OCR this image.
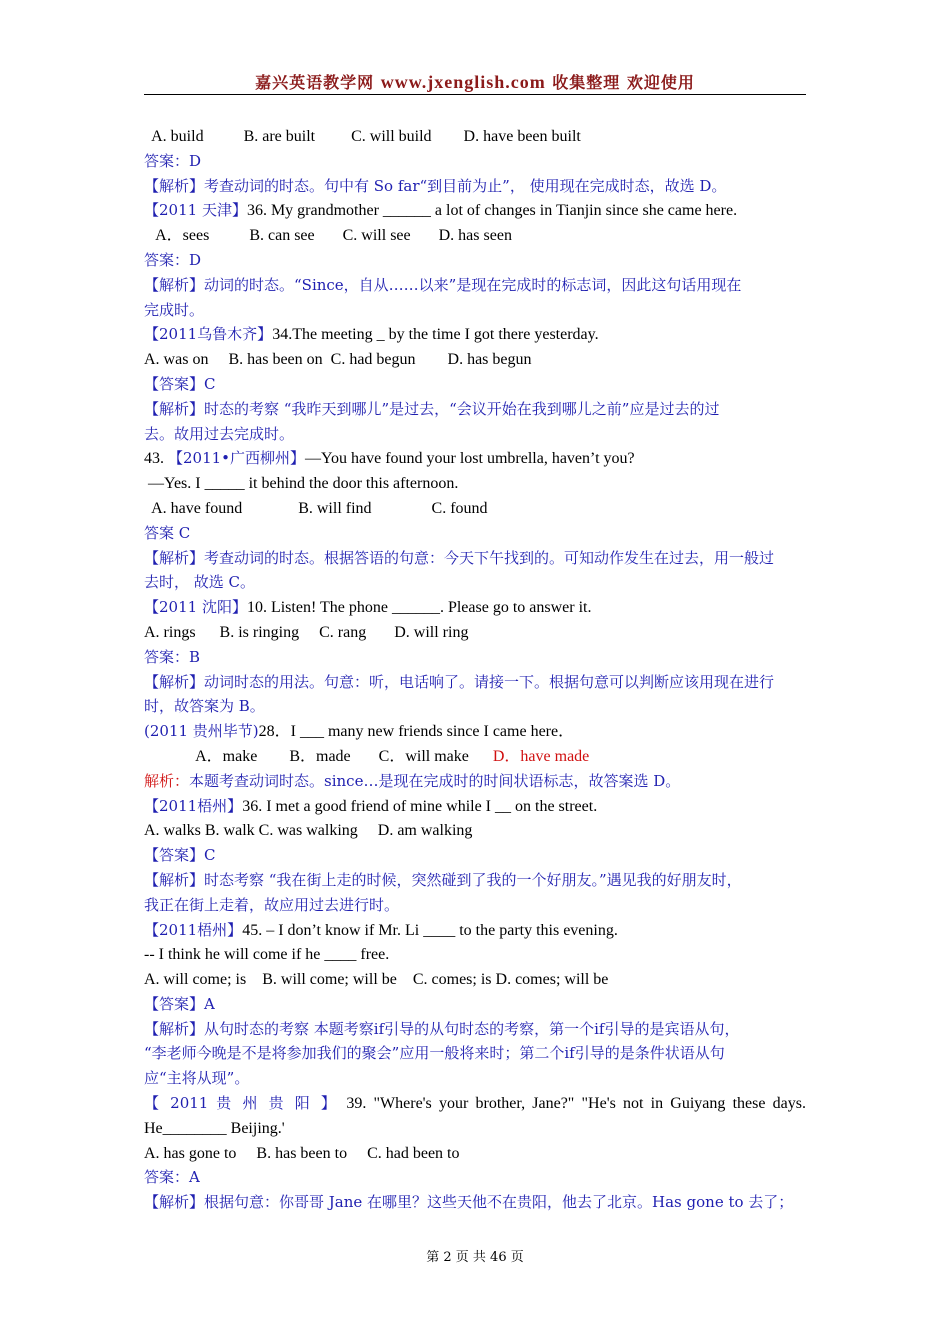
嘉兴英语教学网 www.jxenglish.com 收集整理 欢迎使用
A. build          B. are built         C. will build        D. have been built
答案：D
【解析】考查动词的时态。句中有 So far“到目前为止”， 使用现在完成时态，故选 D。
【2011 天津】36. My grandmother ______ a lot of changes in Tianjin since she came here.
A．sees          B. can see       C. will see       D. has seen
答案：D
【解析】动词的时态。“Since，自从……以来”是现在完成时的标志词，因此这句话用现在
完成时。
【2011乌鲁木齐】34.The meeting _ by the time I got there yesterday.
A. was on     B. has been on  C. had begun        D. has begun
【答案】C
【解析】时态的考察 “我昨天到哪儿”是过去，“会议开始在我到哪儿之前”应是过去的过
去。故用过去完成时。
43. 【2011•广西柳州】—You have found your lost umbrella, haven’t you?
—Yes. I _____ it behind the door this afternoon.
A. have found              B. will find               C. found
答案 C
【解析】考查动词的时态。根据答语的句意：今天下午找到的。可知动作发生在过去，用一般过
去时， 故选 C。
【2011 沈阳】10. Listen! The phone ______. Please go to answer it.
A. rings      B. is ringing     C. rang       D. will ring
答案：B
【解析】动词时态的用法。句意：听，电话响了。请接一下。根据句意可以判断应该用现在进行
时，故答案为 B。
(2011 贵州毕节)28．I ___ many new friends since I came here．
A．make        B．made       C．will make      D．have made
解析：本题考查动词时态。since…是现在完成时的时间状语标志，故答案选 D。
【2011梧州】36. I met a good friend of mine while I __ on the street.
A. walks B. walk C. was walking     D. am walking
【答案】C
【解析】时态考察 “我在街上走的时候，突然碰到了我的一个好朋友。”遇见我的好朋友时，
我正在街上走着，故应用过去进行时。
【2011梧州】45. – I don’t know if Mr. Li ____ to the party this evening.
-- I think he will come if he ____ free.
A. will come; is    B. will come; will be    C. comes; is D. comes; will be
【答案】A
【解析】从句时态的考察 本题考察if引导的从句时态的考察，第一个if引导的是宾语从句，
“李老师今晚是不是将参加我们的聚会”应用一般将来时；第二个if引导的是条件状语从句
应“主将从现”。
【 2011 贵 州 贵 阳 】 39. "Where's your brother, Jane?" "He's not in Guiyang these days.
He________ Beijing.'
A. has gone to     B. has been to     C. had been to
答案：A
【解析】根据句意：你哥哥 Jane 在哪里？这些天他不在贵阳，他去了北京。Has gone to 去了；
第 2 页 共 46 页
